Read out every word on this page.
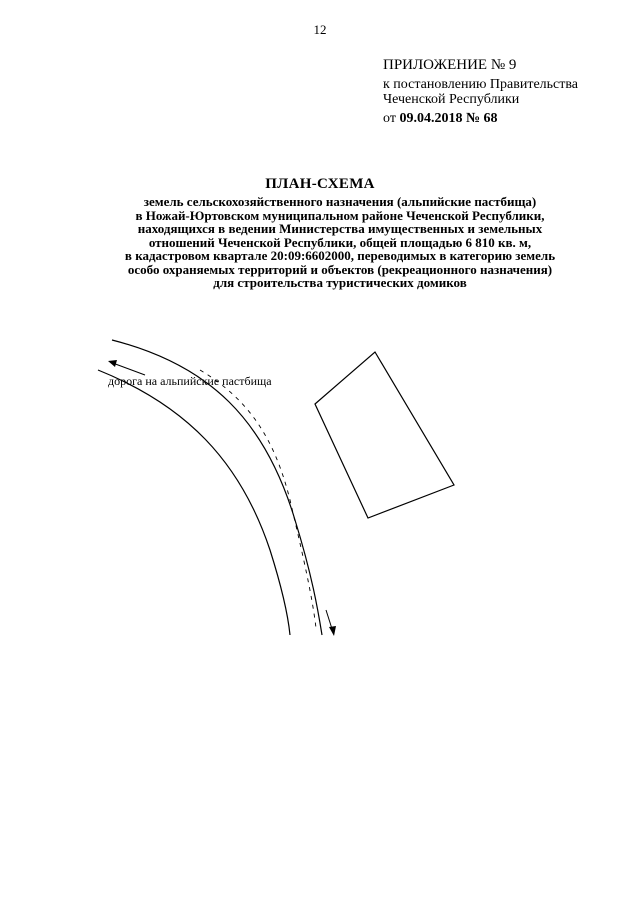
12
ПРИЛОЖЕНИЕ № 9
к постановлению Правительства
Чеченской Республики
от 09.04.2018 № 68
ПЛАН-СХЕМА
земель сельскохозяйственного назначения (альпийские пастбища)
в Ножай-Юртовском муниципальном районе Чеченской Республики,
находящихся в ведении Министерства имущественных и земельных
отношений Чеченской Республики, общей площадью 6 810 кв. м,
в кадастровом квартале 20:09:6602000, переводимых в категорию земель
особо охраняемых территорий и объектов (рекреационного назначения)
для строительства туристических домиков
дорога на альпийские пастбища
